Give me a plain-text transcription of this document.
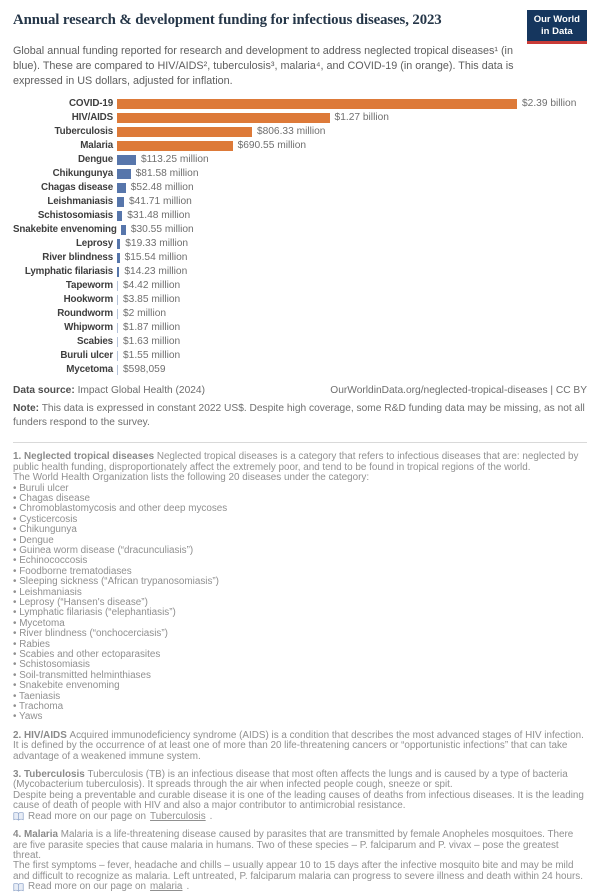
Annual research & development funding for infectious diseases, 2023	Our World
in Data

Global annual funding reported for research and development to address neglected tropical diseases¹ (in blue). These are compared to HIV/AIDS², tuberculosis³, malaria⁴, and COVID-19 (in orange). This data is expressed in US dollars, adjusted for inflation.

COVID-19	$2.39 billion
HIV/AIDS	$1.27 billion
Tuberculosis	$806.33 million
Malaria	$690.55 million
Dengue	$113.25 million
Chikungunya	$81.58 million
Chagas disease	$52.48 million
Leishmaniasis	$41.71 million
Schistosomiasis	$31.48 million
Snakebite envenoming	$30.55 million
Leprosy	$19.33 million
River blindness	$15.54 million
Lymphatic filariasis	$14.23 million
Tapeworm $4.42 million
Hookworm $3.85 million
Roundworm $2 million
Whipworm $1.87 million
Scabies $1.63 million
Buruli ulcer $1.55 million
Mycetoma $598,059
Data source: Impact Global Health (2024)	OurWorldinData.org/neglected-tropical-diseases | CC BY
Note: This data is expressed in constant 2022 US$. Despite high coverage, some R&D funding data may be missing, as not all funders respond to the survey.
1. Neglected tropical diseases Neglected tropical diseases is a category that refers to infectious diseases that are: neglected by public health funding, disproportionately affect the extremely poor, and tend to be found in tropical regions of the world.
The World Health Organization lists the following 20 diseases under the category:
• Buruli ulcer
• Chagas disease
• Chromoblastomycosis and other deep mycoses
• Cysticercosis
• Chikungunya
• Dengue
• Guinea worm disease (“dracunculiasis”)
• Echinococcosis
• Foodborne trematodiases
• Sleeping sickness (“African trypanosomiasis”)
• Leishmaniasis
• Leprosy (“Hansen's disease”)
• Lymphatic filariasis (“elephantiasis”)
• Mycetoma
• River blindness (“onchocerciasis”)
• Rabies
• Scabies and other ectoparasites
• Schistosomiasis
• Soil-transmitted helminthiases
• Snakebite envenoming
• Taeniasis
• Trachoma
• Yaws
2. HIV/AIDS Acquired immunodeficiency syndrome (AIDS) is a condition that describes the most advanced stages of HIV infection. It is defined by the occurrence of at least one of more than 20 life-threatening cancers or “opportunistic infections” that can take advantage of a weakened immune system.
3. Tuberculosis Tuberculosis (TB) is an infectious disease that most often affects the lungs and is caused by a type of bacteria (Mycobacterium tuberculosis). It spreads through the air when infected people cough, sneeze or spit.
Despite being a preventable and curable disease it is one of the leading causes of deaths from infectious diseases. It is the leading cause of death of people with HIV and also a major contributor to antimicrobial resistance.
Read more on our page on Tuberculosis .
4. Malaria Malaria is a life-threatening disease caused by parasites that are transmitted by female Anopheles mosquitoes. There are five parasite species that cause malaria in humans. Two of these species – P. falciparum and P. vivax – pose the greatest threat.
The first symptoms – fever, headache and chills – usually appear 10 to 15 days after the infective mosquito bite and may be mild and difficult to recognize as malaria. Left untreated, P. falciparum malaria can progress to severe illness and death within 24 hours.
Read more on our page on malaria .
